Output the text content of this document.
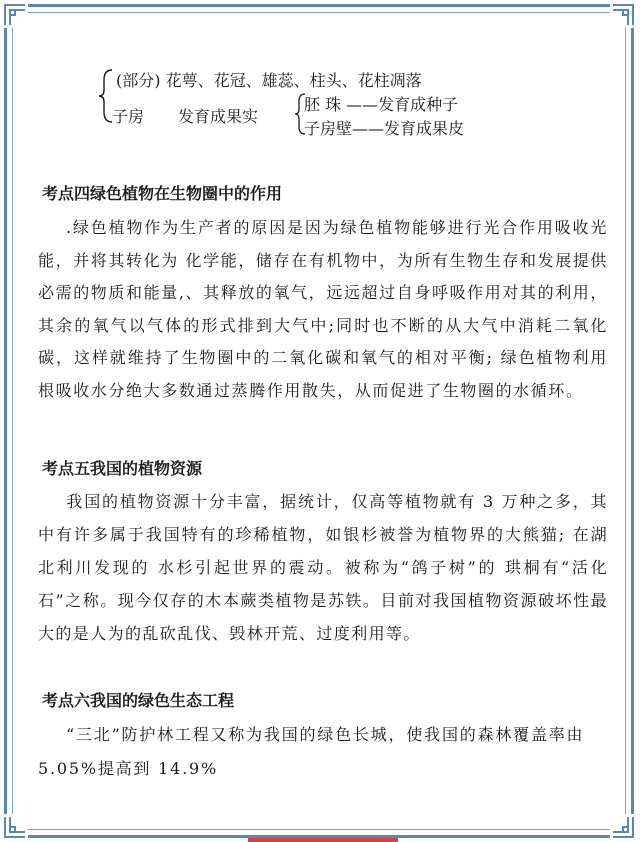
(部分) 花萼、花冠、雄蕊、柱头、花柱凋落
子房 发育成果实
胚 珠 ——发育成种子
子房壁——发育成果皮
考点四绿色植物在生物圈中的作用
.绿色植物作为生产者的原因是因为绿色植物能够进行光合作用吸收光能，并将其转化为 化学能，储存在有机物中，为所有生物生存和发展提供必需的物质和能量,、其释放的氧气，远远超过自身呼吸作用对其的利用，其余的氧气以气体的形式排到大气中;同时也不断的从大气中消耗二氧化碳，这样就维持了生物圈中的二氧化碳和氧气的相对平衡; 绿色植物利用 根吸收水分绝大多数通过蒸腾作用散失，从而促进了生物圈的水循环。
考点五我国的植物资源
我国的植物资源十分丰富，据统计，仅高等植物就有 3 万种之多，其中有许多属于我国特有的珍稀植物，如银杉被誉为植物界的大熊猫; 在湖北利川发现的 水杉引起世界的震动。被称为“鸽子树”的 珙桐有“活化石”之称。现今仅存的木本蕨类植物是苏铁。目前对我国植物资源破坏性最大的是人为的乱砍乱伐、毁林开荒、过度利用等。
考点六我国的绿色生态工程
“三北”防护林工程又称为我国的绿色长城，使我国的森林覆盖率由5.05%提高到 14.9%
